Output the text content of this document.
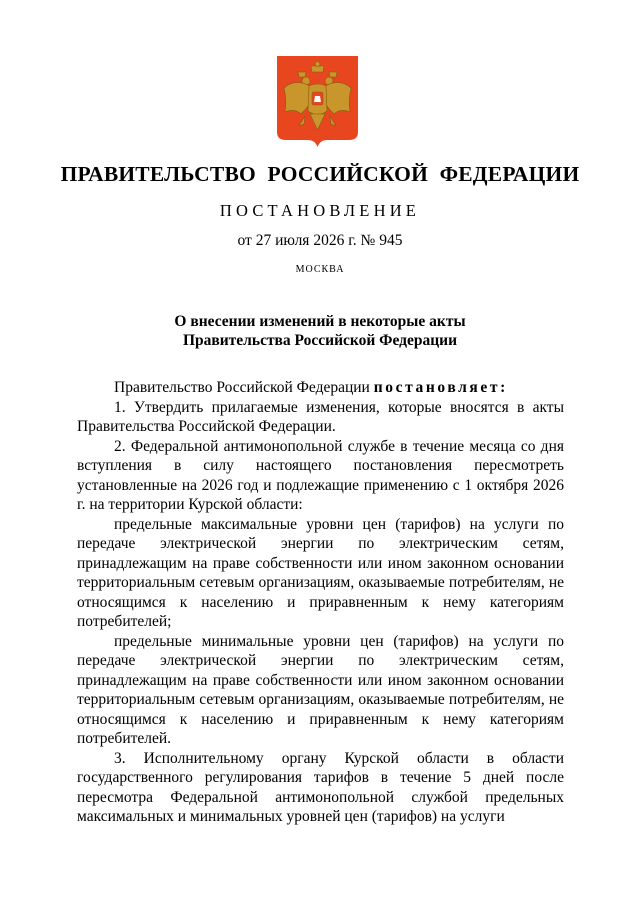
ПРАВИТЕЛЬСТВО РОССИЙСКОЙ ФЕДЕРАЦИИ
ПОСТАНОВЛЕНИЕ
от 27 июля 2026 г. № 945
МОСКВА
О внесении изменений в некоторые акты
Правительства Российской Федерации

Правительство Российской Федерации постановляет:

1. Утвердить прилагаемые изменения, которые вносятся в акты Правительства Российской Федерации.

2. Федеральной антимонопольной службе в течение месяца со дня вступления в силу настоящего постановления пересмотреть установленные на 2026 год и подлежащие применению с 1 октября 2026 г. на территории Курской области:

предельные максимальные уровни цен (тарифов) на услуги по передаче электрической энергии по электрическим сетям, принадлежащим на праве собственности или ином законном основании территориальным сетевым организациям, оказываемые потребителям, не относящимся к населению и приравненным к нему категориям потребителей;

предельные минимальные уровни цен (тарифов) на услуги по передаче электрической энергии по электрическим сетям, принадлежащим на праве собственности или ином законном основании территориальным сетевым организациям, оказываемые потребителям, не относящимся к населению и приравненным к нему категориям потребителей.

3. Исполнительному органу Курской области в области государственного регулирования тарифов в течение 5 дней после пересмотра Федеральной антимонопольной службой предельных максимальных и минимальных уровней цен (тарифов) на услуги
